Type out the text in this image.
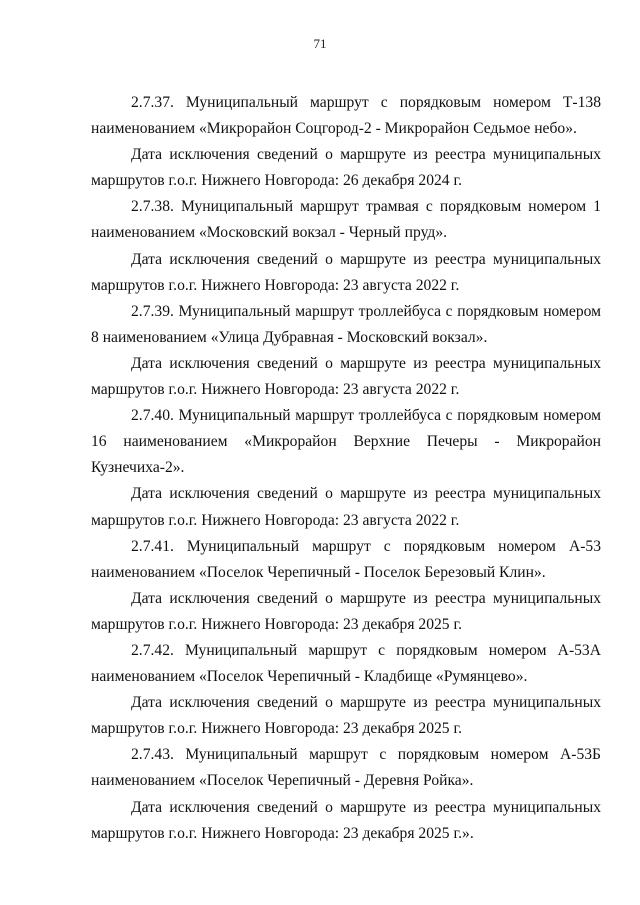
71

2.7.37. Муниципальный маршрут с порядковым номером Т-138 наименованием «Микрорайон Соцгород-2 - Микрорайон Седьмое небо».

Дата исключения сведений о маршруте из реестра муниципальных маршрутов г.о.г. Нижнего Новгорода: 26 декабря 2024 г.

2.7.38. Муниципальный маршрут трамвая с порядковым номером 1 наименованием «Московский вокзал - Черный пруд».

Дата исключения сведений о маршруте из реестра муниципальных маршрутов г.о.г. Нижнего Новгорода: 23 августа 2022 г.

2.7.39. Муниципальный маршрут троллейбуса с порядковым номером 8 наименованием «Улица Дубравная - Московский вокзал».

Дата исключения сведений о маршруте из реестра муниципальных маршрутов г.о.г. Нижнего Новгорода: 23 августа 2022 г.

2.7.40. Муниципальный маршрут троллейбуса с порядковым номером 16 наименованием «Микрорайон Верхние Печеры - Микрорайон Кузнечиха-2».

Дата исключения сведений о маршруте из реестра муниципальных маршрутов г.о.г. Нижнего Новгорода: 23 августа 2022 г.

2.7.41. Муниципальный маршрут с порядковым номером А-53 наименованием «Поселок Черепичный - Поселок Березовый Клин».

Дата исключения сведений о маршруте из реестра муниципальных маршрутов г.о.г. Нижнего Новгорода: 23 декабря 2025 г.

2.7.42. Муниципальный маршрут с порядковым номером А-53А наименованием «Поселок Черепичный - Кладбище «Румянцево».

Дата исключения сведений о маршруте из реестра муниципальных маршрутов г.о.г. Нижнего Новгорода: 23 декабря 2025 г.

2.7.43. Муниципальный маршрут с порядковым номером А-53Б наименованием «Поселок Черепичный - Деревня Ройка».

Дата исключения сведений о маршруте из реестра муниципальных маршрутов г.о.г. Нижнего Новгорода: 23 декабря 2025 г.».
